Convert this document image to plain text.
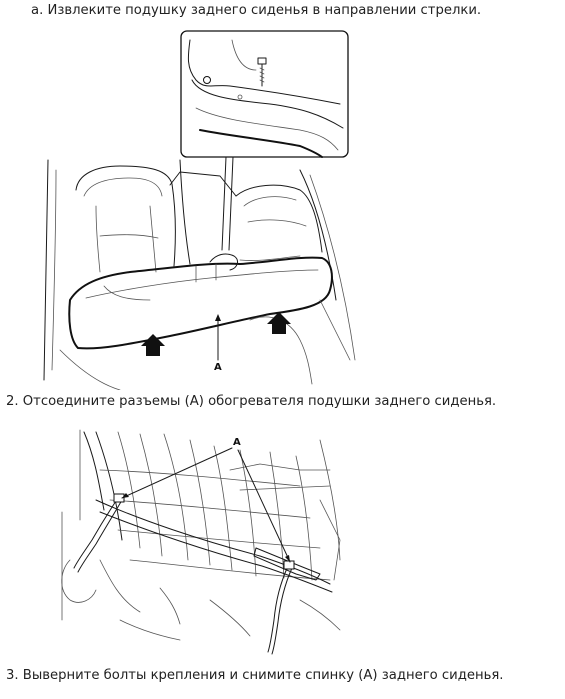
a. Извлеките подушку заднего сиденья в направлении стрелки.
A
2. Отсоедините разъемы (A) обогревателя подушки заднего сиденья.
A
3. Выверните болты крепления и снимите спинку (A) заднего сиденья.
